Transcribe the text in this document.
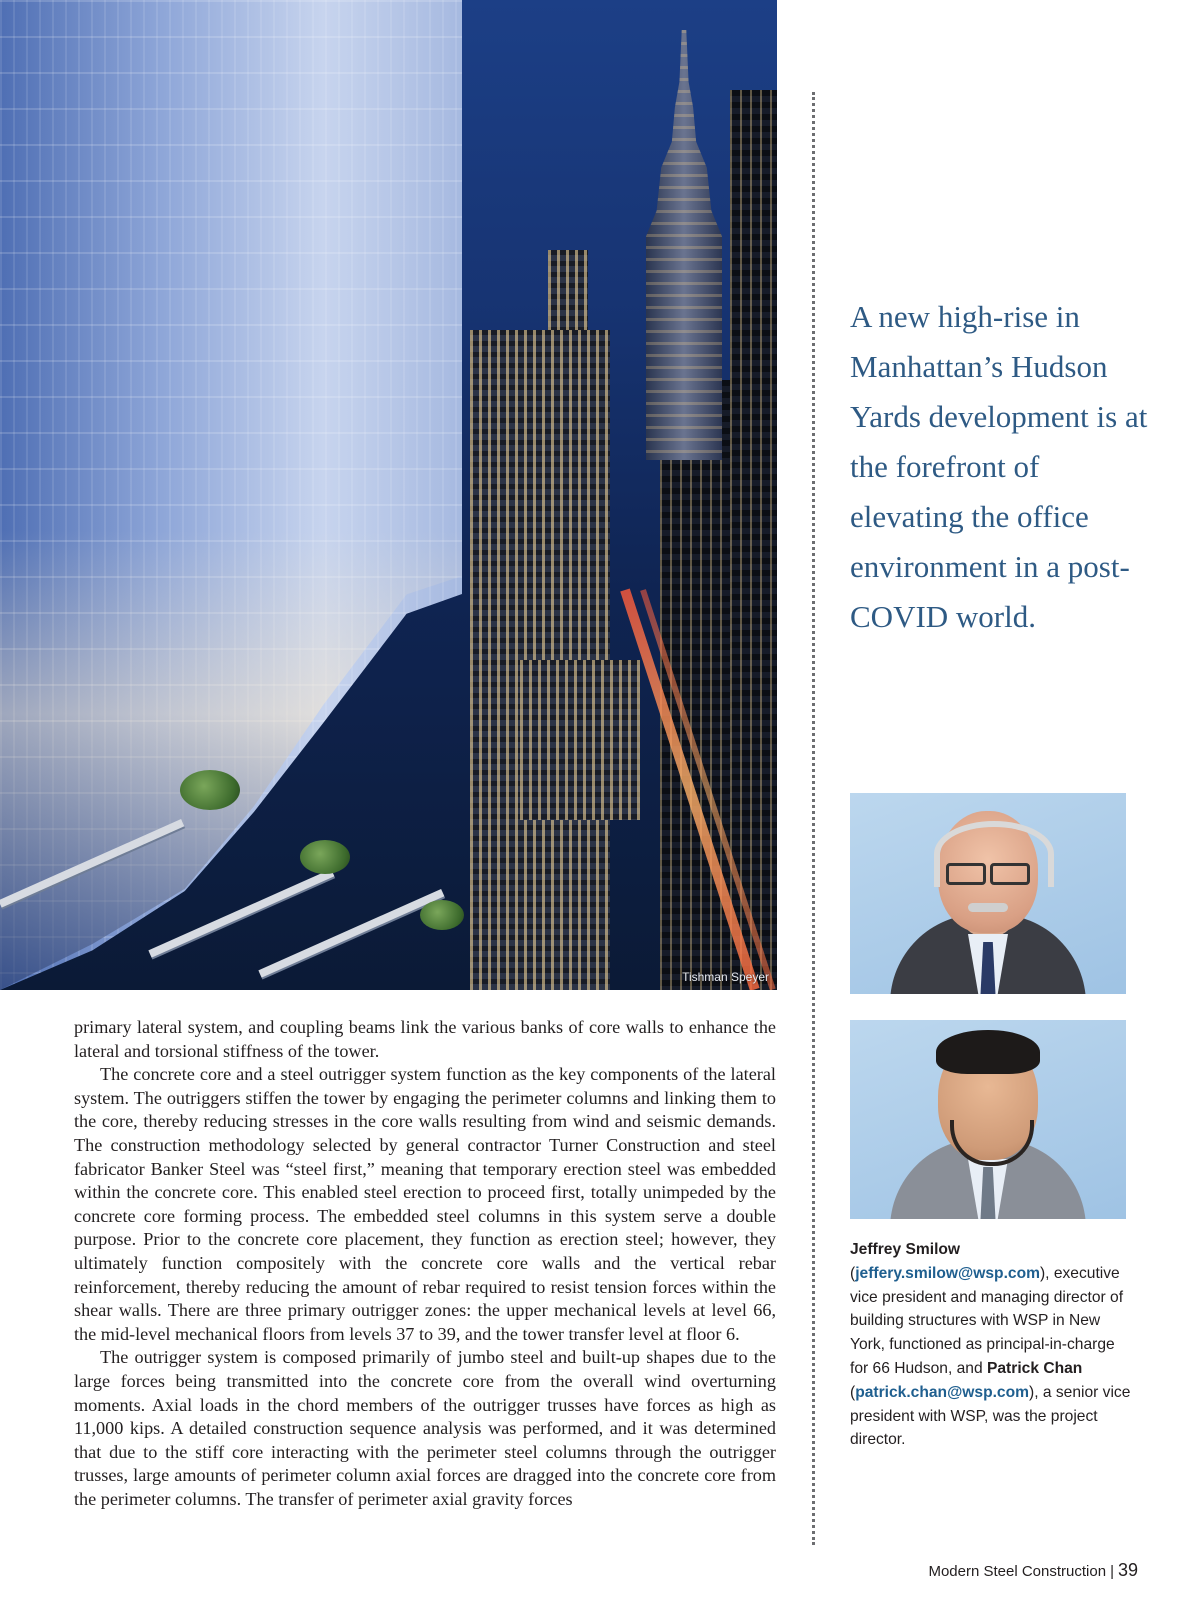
Tishman Speyer

primary lateral system, and coupling beams link the various banks of core walls to enhance the lateral and torsional stiffness of the tower.

The concrete core and a steel outrigger system function as the key components of the lateral system. The outriggers stiffen the tower by engaging the perimeter columns and linking them to the core, thereby reducing stresses in the core walls resulting from wind and seismic demands. The construction methodology selected by general contractor Turner Construction and steel fabricator Banker Steel was “steel first,” meaning that temporary erection steel was embedded within the concrete core. This enabled steel erection to proceed first, totally unimpeded by the concrete core forming process. The embedded steel columns in this system serve a double purpose. Prior to the concrete core placement, they function as erection steel; however, they ultimately function compositely with the concrete core walls and the vertical rebar reinforcement, thereby reducing the amount of rebar required to resist tension forces within the shear walls. There are three primary outrigger zones: the upper mechanical levels at level 66, the mid-level mechanical floors from levels 37 to 39, and the tower transfer level at floor 6.

The outrigger system is composed primarily of jumbo steel and built-up shapes due to the large forces being transmitted into the concrete core from the overall wind overturning moments. Axial loads in the chord members of the outrigger trusses have forces as high as 11,000 kips. A detailed construction sequence analysis was performed, and it was determined that due to the stiff core interacting with the perimeter steel columns through the outrigger trusses, large amounts of perimeter column axial forces are dragged into the concrete core from the perimeter columns. The transfer of perimeter axial gravity forces

A new high-rise in Manhattan’s Hudson Yards development is at the forefront of elevating the office environment in a post-COVID world.

Jeffrey Smilow (jeffery.smilow@wsp.com), executive vice president and managing director of building structures with WSP in New York, functioned as principal-in-charge for 66 Hudson, and Patrick Chan (patrick.chan@wsp.com), a senior vice president with WSP, was the project director.

Modern Steel Construction | 39
